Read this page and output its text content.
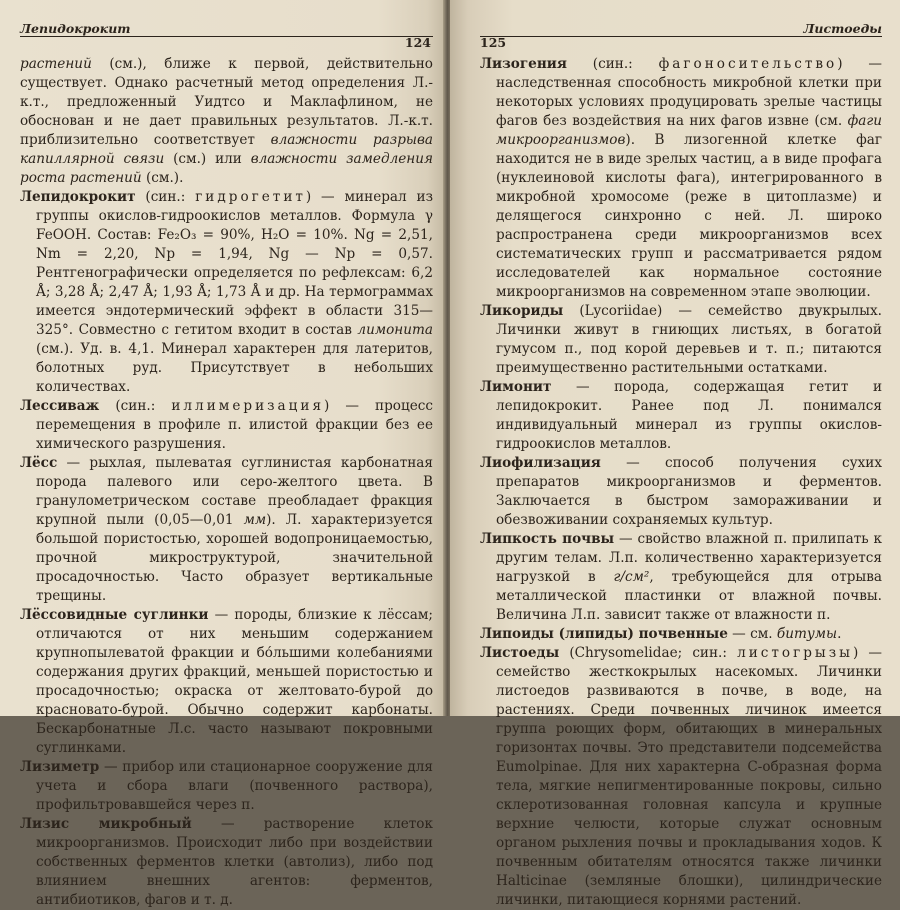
Лепидокрокит
124

растений (см.), ближе к первой, действительно существует. Однако расчетный метод определения Л.-к.т., предложенный Уидтсо и Маклафлином, не обоснован и не дает правильных результатов. Л.-к.т. приблизительно соответствует влажности разрыва капиллярной связи (см.) или влажности замедления роста растений (см.).

Лепидокрокит (син.: гидрогетит) — минерал из группы окислов-гидроокислов металлов. Формула γ FeOOH. Состав: Fe₂O₃ = 90%, H₂O = 10%. Ng = 2,51, Nm = 2,20, Np = 1,94, Ng — Np = 0,57. Рентгенографически определяется по рефлексам: 6,2 Å; 3,28 Å; 2,47 Å; 1,93 Å; 1,73 Å и др. На термограммах имеется эндотермический эффект в области 315—325°. Совместно с гетитом входит в состав лимонита (см.). Уд. в. 4,1. Минерал характерен для латеритов, болотных руд. Присутствует в небольших количествах.

Лессиваж (син.: иллимеризация) — процесс перемещения в профиле п. илистой фракции без ее химического разрушения.

Лёсс — рыхлая, пылеватая суглинистая карбонатная порода палевого или серо-желтого цвета. В гранулометрическом составе преобладает фракция крупной пыли (0,05—0,01 мм). Л. характеризуется большой пористостью, хорошей водопроницаемостью, прочной микроструктурой, значительной просадочностью. Часто образует вертикальные трещины.

Лёссовидные суглинки — породы, близкие к лёссам; отличаются от них меньшим содержанием крупнопылеватой фракции и бо́льшими колебаниями содержания других фракций, меньшей пористостью и просадочностью; окраска от желтовато-бурой до красновато-бурой. Обычно содержит карбонаты. Бескарбонатные Л.с. часто называют покровными суглинками.

Лизиметр — прибор или стационарное сооружение для учета и сбора влаги (почвенного раствора), профильтровавшейся через п.

Лизис микробный — растворение клеток микроорганизмов. Происходит либо при воздействии собственных ферментов клетки (автолиз), либо под влиянием внешних агентов: ферментов, антибиотиков, фагов и т. д.

125
Листоеды

Лизогения (син.: фагоносительство) — наследственная способность микробной клетки при некоторых условиях продуцировать зрелые частицы фагов без воздействия на них фагов извне (см. фаги микроорганизмов). В лизогенной клетке фаг находится не в виде зрелых частиц, а в виде профага (нуклеиновой кислоты фага), интегрированного в микробной хромосоме (реже в цитоплазме) и делящегося синхронно с ней. Л. широко распространена среди микроорганизмов всех систематических групп и рассматривается рядом исследователей как нормальное состояние микроорганизмов на современном этапе эволюции.

Ликориды (Lycoriidae) — семейство двукрылых. Личинки живут в гниющих листьях, в богатой гумусом п., под корой деревьев и т. п.; питаются преимущественно растительными остатками.

Лимонит — порода, содержащая гетит и лепидокрокит. Ранее под Л. понимался индивидуальный минерал из группы окислов-гидроокислов металлов.

Лиофилизация — способ получения сухих препаратов микроорганизмов и ферментов. Заключается в быстром замораживании и обезвоживании сохраняемых культур.

Липкость почвы — свойство влажной п. прилипать к другим телам. Л.п. количественно характеризуется нагрузкой в г/см², требующейся для отрыва металлической пластинки от влажной почвы. Величина Л.п. зависит также от влажности п.

Липоиды (липиды) почвенные — см. битумы.

Листоеды (Chrysomelidae; син.: листогрызы) — семейство жесткокрылых насекомых. Личинки листоедов развиваются в почве, в воде, на растениях. Среди почвенных личинок имеется группа роющих форм, обитающих в минеральных горизонтах почвы. Это представители подсемейства Eumolpinae. Для них характерна С-образная форма тела, мягкие непигментированные покровы, сильно склеротизованная головная капсула и крупные верхние челюсти, которые служат основным органом рыхления почвы и прокладывания ходов. К почвенным обитателям относятся также личинки Halticinae (земляные блошки), цилиндрические личинки, питающиеся корнями растений.
